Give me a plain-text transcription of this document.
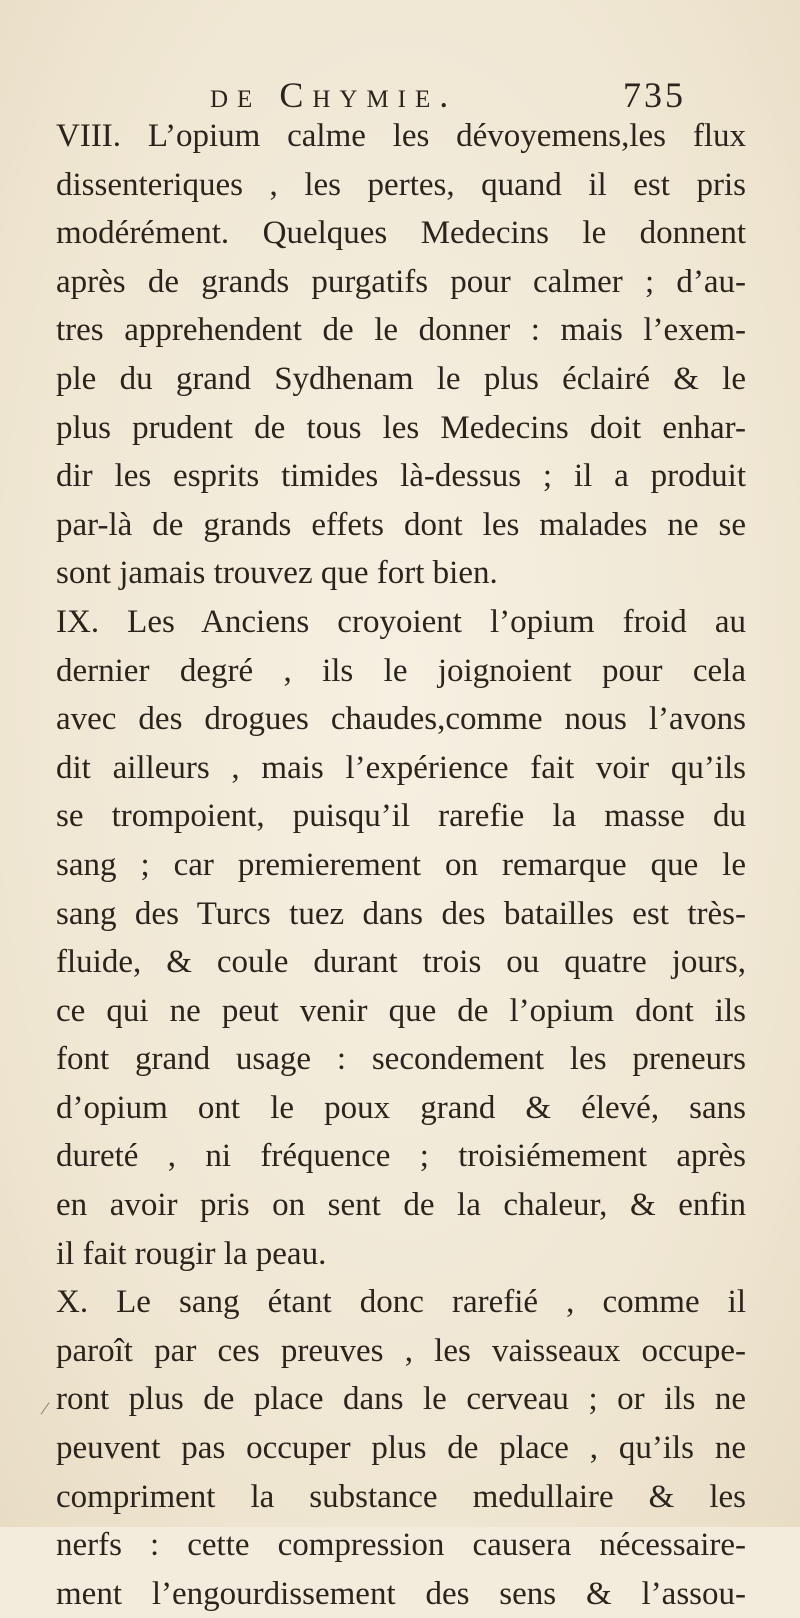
de Chymie.	735
VIII. L’opium calme les dévoyemens,les flux
dissenteriques , les pertes, quand il est pris
modérément. Quelques Medecins le donnent
après de grands purgatifs pour calmer ; d’au-
tres apprehendent de le donner : mais l’exem-
ple du grand Sydhenam le plus éclairé & le
plus prudent de tous les Medecins doit enhar-
dir les esprits timides là-dessus ; il a produit
par-là de grands effets dont les malades ne se
sont jamais trouvez que fort bien.
IX. Les Anciens croyoient l’opium froid au
dernier degré , ils le joignoient pour cela
avec des drogues chaudes,comme nous l’avons
dit ailleurs , mais l’expérience fait voir qu’ils
se trompoient, puisqu’il rarefie la masse du
sang ; car premierement on remarque que le
sang des Turcs tuez dans des batailles est très-
fluide, & coule durant trois ou quatre jours,
ce qui ne peut venir que de l’opium dont ils
font grand usage : secondement les preneurs
d’opium ont le poux grand & élevé, sans
dureté , ni fréquence ; troisiémement après
en avoir pris on sent de la chaleur, & enfin
il fait rougir la peau.
X. Le sang étant donc rarefié , comme il
paroît par ces preuves , les vaisseaux occupe-
ront plus de place dans le cerveau ; or ils ne
peuvent pas occuper plus de place , qu’ils ne
compriment la substance medullaire & les
nerfs : cette compression causera nécessaire-
ment l’engourdissement des sens & l’assou-
